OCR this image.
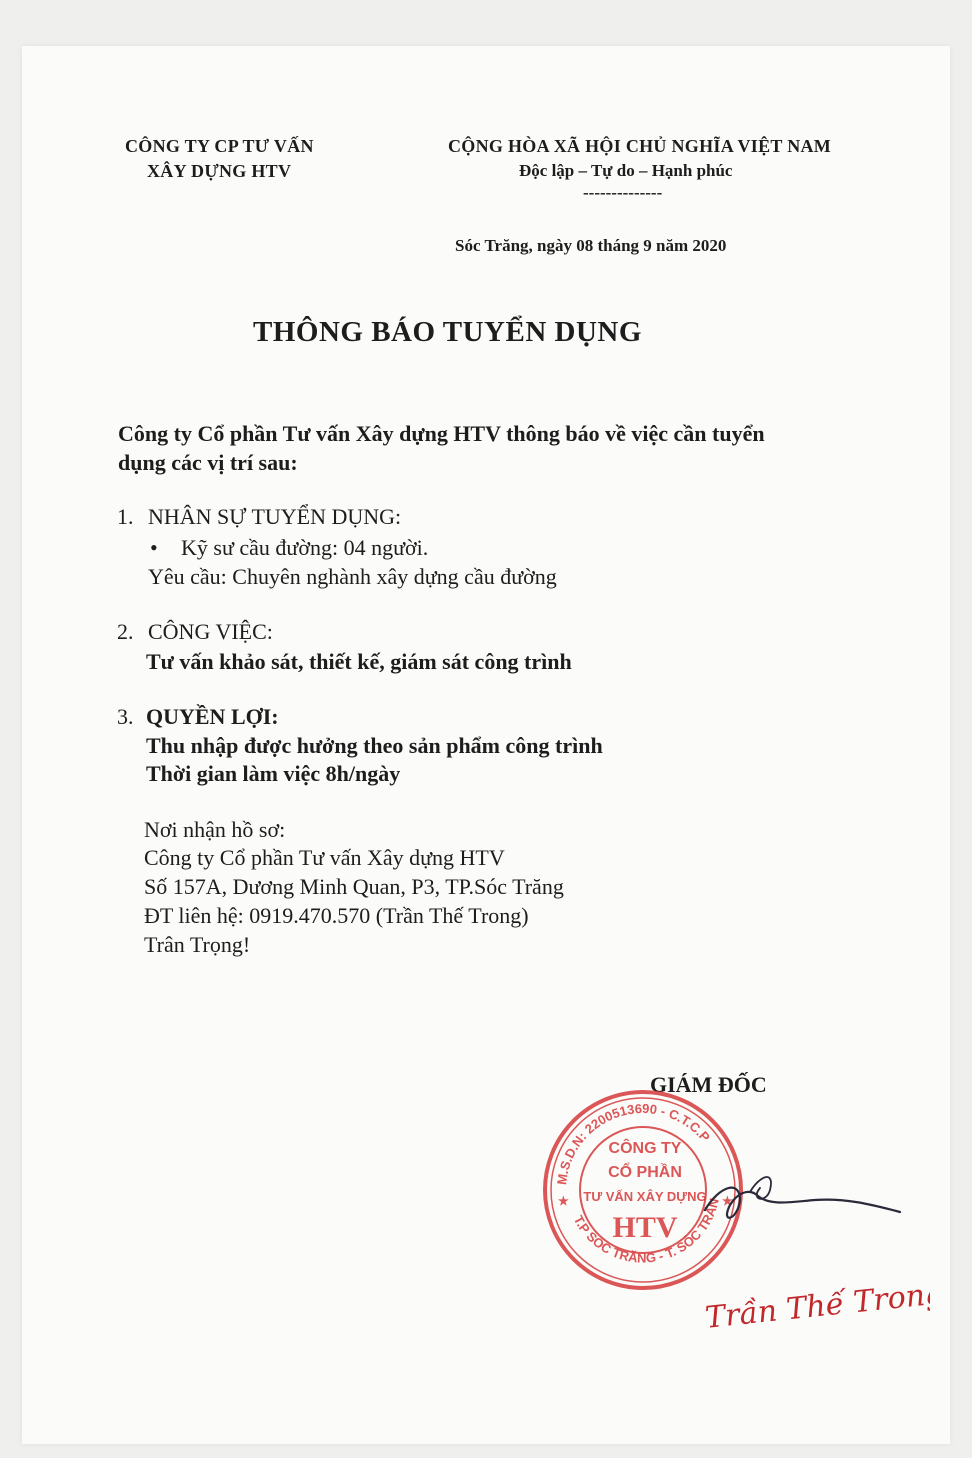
CÔNG TY CP TƯ VẤN
XÂY DỰNG HTV
CỘNG HÒA XÃ HỘI CHỦ NGHĨA VIỆT NAM
Độc lập – Tự do – Hạnh phúc
--------------
Sóc Trăng, ngày 08 tháng 9 năm 2020
THÔNG BÁO TUYỂN DỤNG
Công ty Cổ phần Tư vấn Xây dựng HTV thông báo về việc cần tuyển
dụng các vị trí sau:
1. NHÂN SỰ TUYỂN DỤNG:
• Kỹ sư cầu đường: 04 người.
Yêu cầu: Chuyên nghành xây dựng cầu đường
2. CÔNG VIỆC:
Tư vấn khảo sát, thiết kế, giám sát công trình
3. QUYỀN LỢI:
Thu nhập được hưởng theo sản phẩm công trình
Thời gian làm việc 8h/ngày
Nơi nhận hồ sơ:
Công ty Cổ phần Tư vấn Xây dựng HTV
Số 157A, Dương Minh Quan, P3, TP.Sóc Trăng
ĐT liên hệ: 0919.470.570 (Trần Thế Trong)
Trân Trọng!
GIÁM ĐỐC
M.S.D.N: 2200513690 - C.T.C.P
T.P SÓC TRĂNG - T. SÓC TRĂN
CÔNG TY
CỔ PHẦN
TƯ VẤN XÂY DỰNG
HTV
★	★
Trần Thế Trong
